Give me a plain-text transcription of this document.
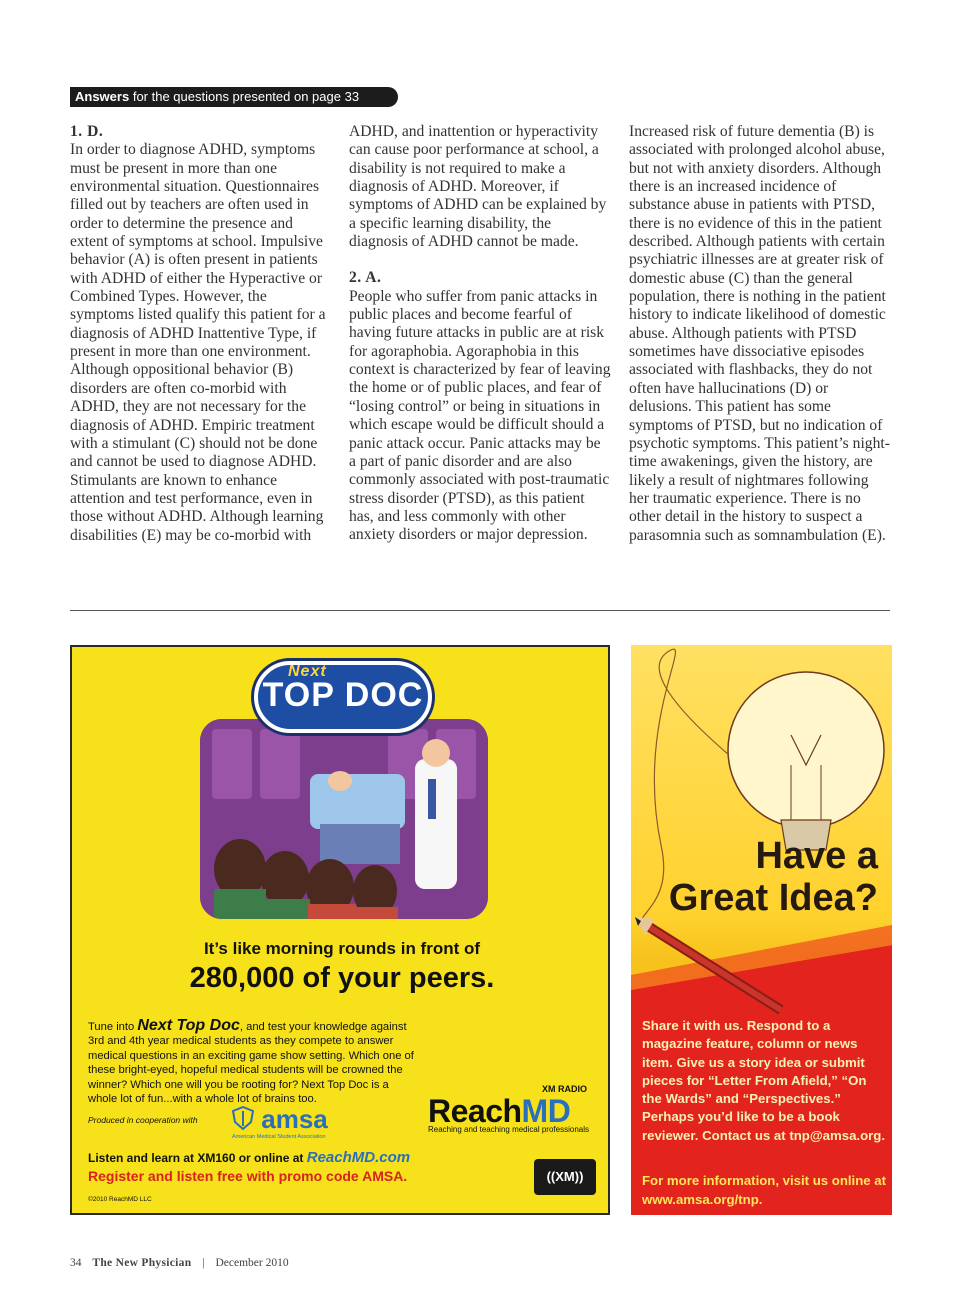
Answers for the questions presented on page 33

1. D.

In order to diagnose ADHD, symptoms must be present in more than one environmental situation. Questionnaires filled out by teachers are often used in order to determine the presence and extent of symptoms at school. Impulsive behavior (A) is often present in patients with ADHD of either the Hyperactive or Combined Types. However, the symptoms listed qualify this patient for a diagnosis of ADHD Inattentive Type, if present in more than one environment. Although oppositional behavior (B) disorders are often co-morbid with ADHD, they are not necessary for the diagnosis of ADHD. Empiric treatment with a stimulant (C) should not be done and cannot be used to diagnose ADHD. Stimulants are known to enhance attention and test performance, even in those without ADHD. Although learning disabilities (E) may be co-morbid with

ADHD, and inattention or hyperactivity can cause poor performance at school, a disability is not required to make a diagnosis of ADHD. Moreover, if symptoms of ADHD can be explained by a specific learning disability, the diagnosis of ADHD cannot be made.

2. A.

People who suffer from panic attacks in public places and become fearful of having future attacks in public are at risk for agoraphobia. Agoraphobia in this context is characterized by fear of leaving the home or of public places, and fear of “losing control” or being in situations in which escape would be difficult should a panic attack occur. Panic attacks may be a part of panic disorder and are also commonly associated with post-traumatic stress disorder (PTSD), as this patient has, and less commonly with other anxiety disorders or major depression.

Increased risk of future dementia (B) is associated with prolonged alcohol abuse, but not with anxiety disorders. Although there is an increased incidence of substance abuse in patients with PTSD, there is no evidence of this in the patient described. Although patients with certain psychiatric illnesses are at greater risk of domestic abuse (C) than the general population, there is nothing in the patient history to indicate likelihood of domestic abuse. Although patients with PTSD sometimes have dissociative episodes associated with flashbacks, they do not often have hallucinations (D) or delusions. This patient has some symptoms of PTSD, but no indication of psychotic symptoms. This patient’s night-time awakenings, given the history, are likely a result of nightmares following her traumatic experience. There is no other detail in the history to suspect a parasomnia such as somnambulation (E).

Next
TOP DOC
It’s like morning rounds in front of
280,000 of your peers.
Tune into Next Top Doc, and test your knowledge against 3rd and 4th year medical students as they compete to answer medical questions in an exciting game show setting. Which one of these bright-eyed, hopeful medical students will be crowned the winner? Which one will you be rooting for? Next Top Doc is a whole lot of fun...with a whole lot of brains too.
Produced in cooperation with	amsa
American Medical Student Association
Listen and learn at XM160 or online at ReachMD.com
Register and listen free with promo code AMSA.
©2010 ReachMD LLC
XM RADIO
ReachMD
Reaching and teaching medical professionals
((XM))
Have a
Great Idea?
Share it with us. Respond to a magazine feature, column or news item. Give us a story idea or submit pieces for “Letter From Afield,” “On the Wards” and “Perspectives.” Perhaps you’d like to be a book reviewer. Contact us at tnp@amsa.org.
For more information, visit us online at www.amsa.org/tnp.
34 The New Physician | December 2010
